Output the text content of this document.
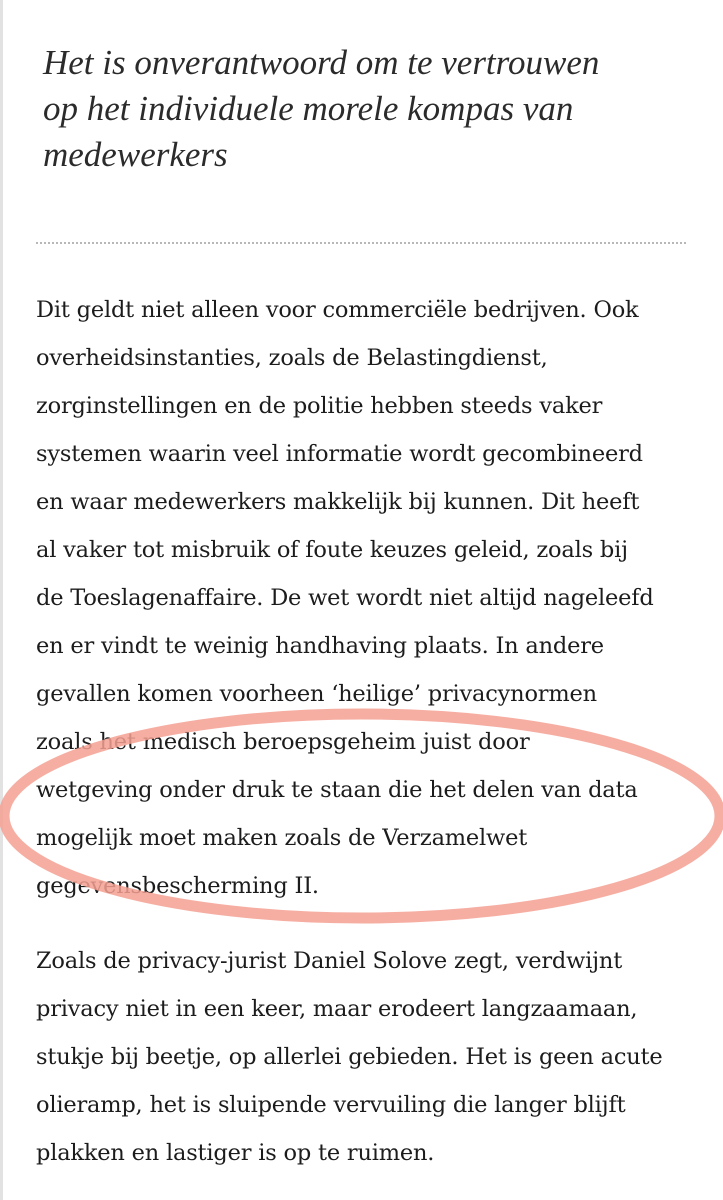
Het is onverantwoord om te vertrouwen
op het individuele morele kompas van
medewerkers

Dit geldt niet alleen voor commerciële bedrijven. Ook
overheidsinstanties, zoals de Belastingdienst,
zorginstellingen en de politie hebben steeds vaker
systemen waarin veel informatie wordt gecombineerd
en waar medewerkers makkelijk bij kunnen. Dit heeft
al vaker tot misbruik of foute keuzes geleid, zoals bij
de Toeslagenaffaire. De wet wordt niet altijd nageleefd
en er vindt te weinig handhaving plaats. In andere
gevallen komen voorheen ‘heilige’ privacynormen
zoals het medisch beroepsgeheim juist door
wetgeving onder druk te staan die het delen van data
mogelijk moet maken zoals de Verzamelwet
gegevensbescherming II.

Zoals de privacy-jurist Daniel Solove zegt, verdwijnt
privacy niet in een keer, maar erodeert langzaamaan,
stukje bij beetje, op allerlei gebieden. Het is geen acute
olieramp, het is sluipende vervuiling die langer blijft
plakken en lastiger is op te ruimen.
